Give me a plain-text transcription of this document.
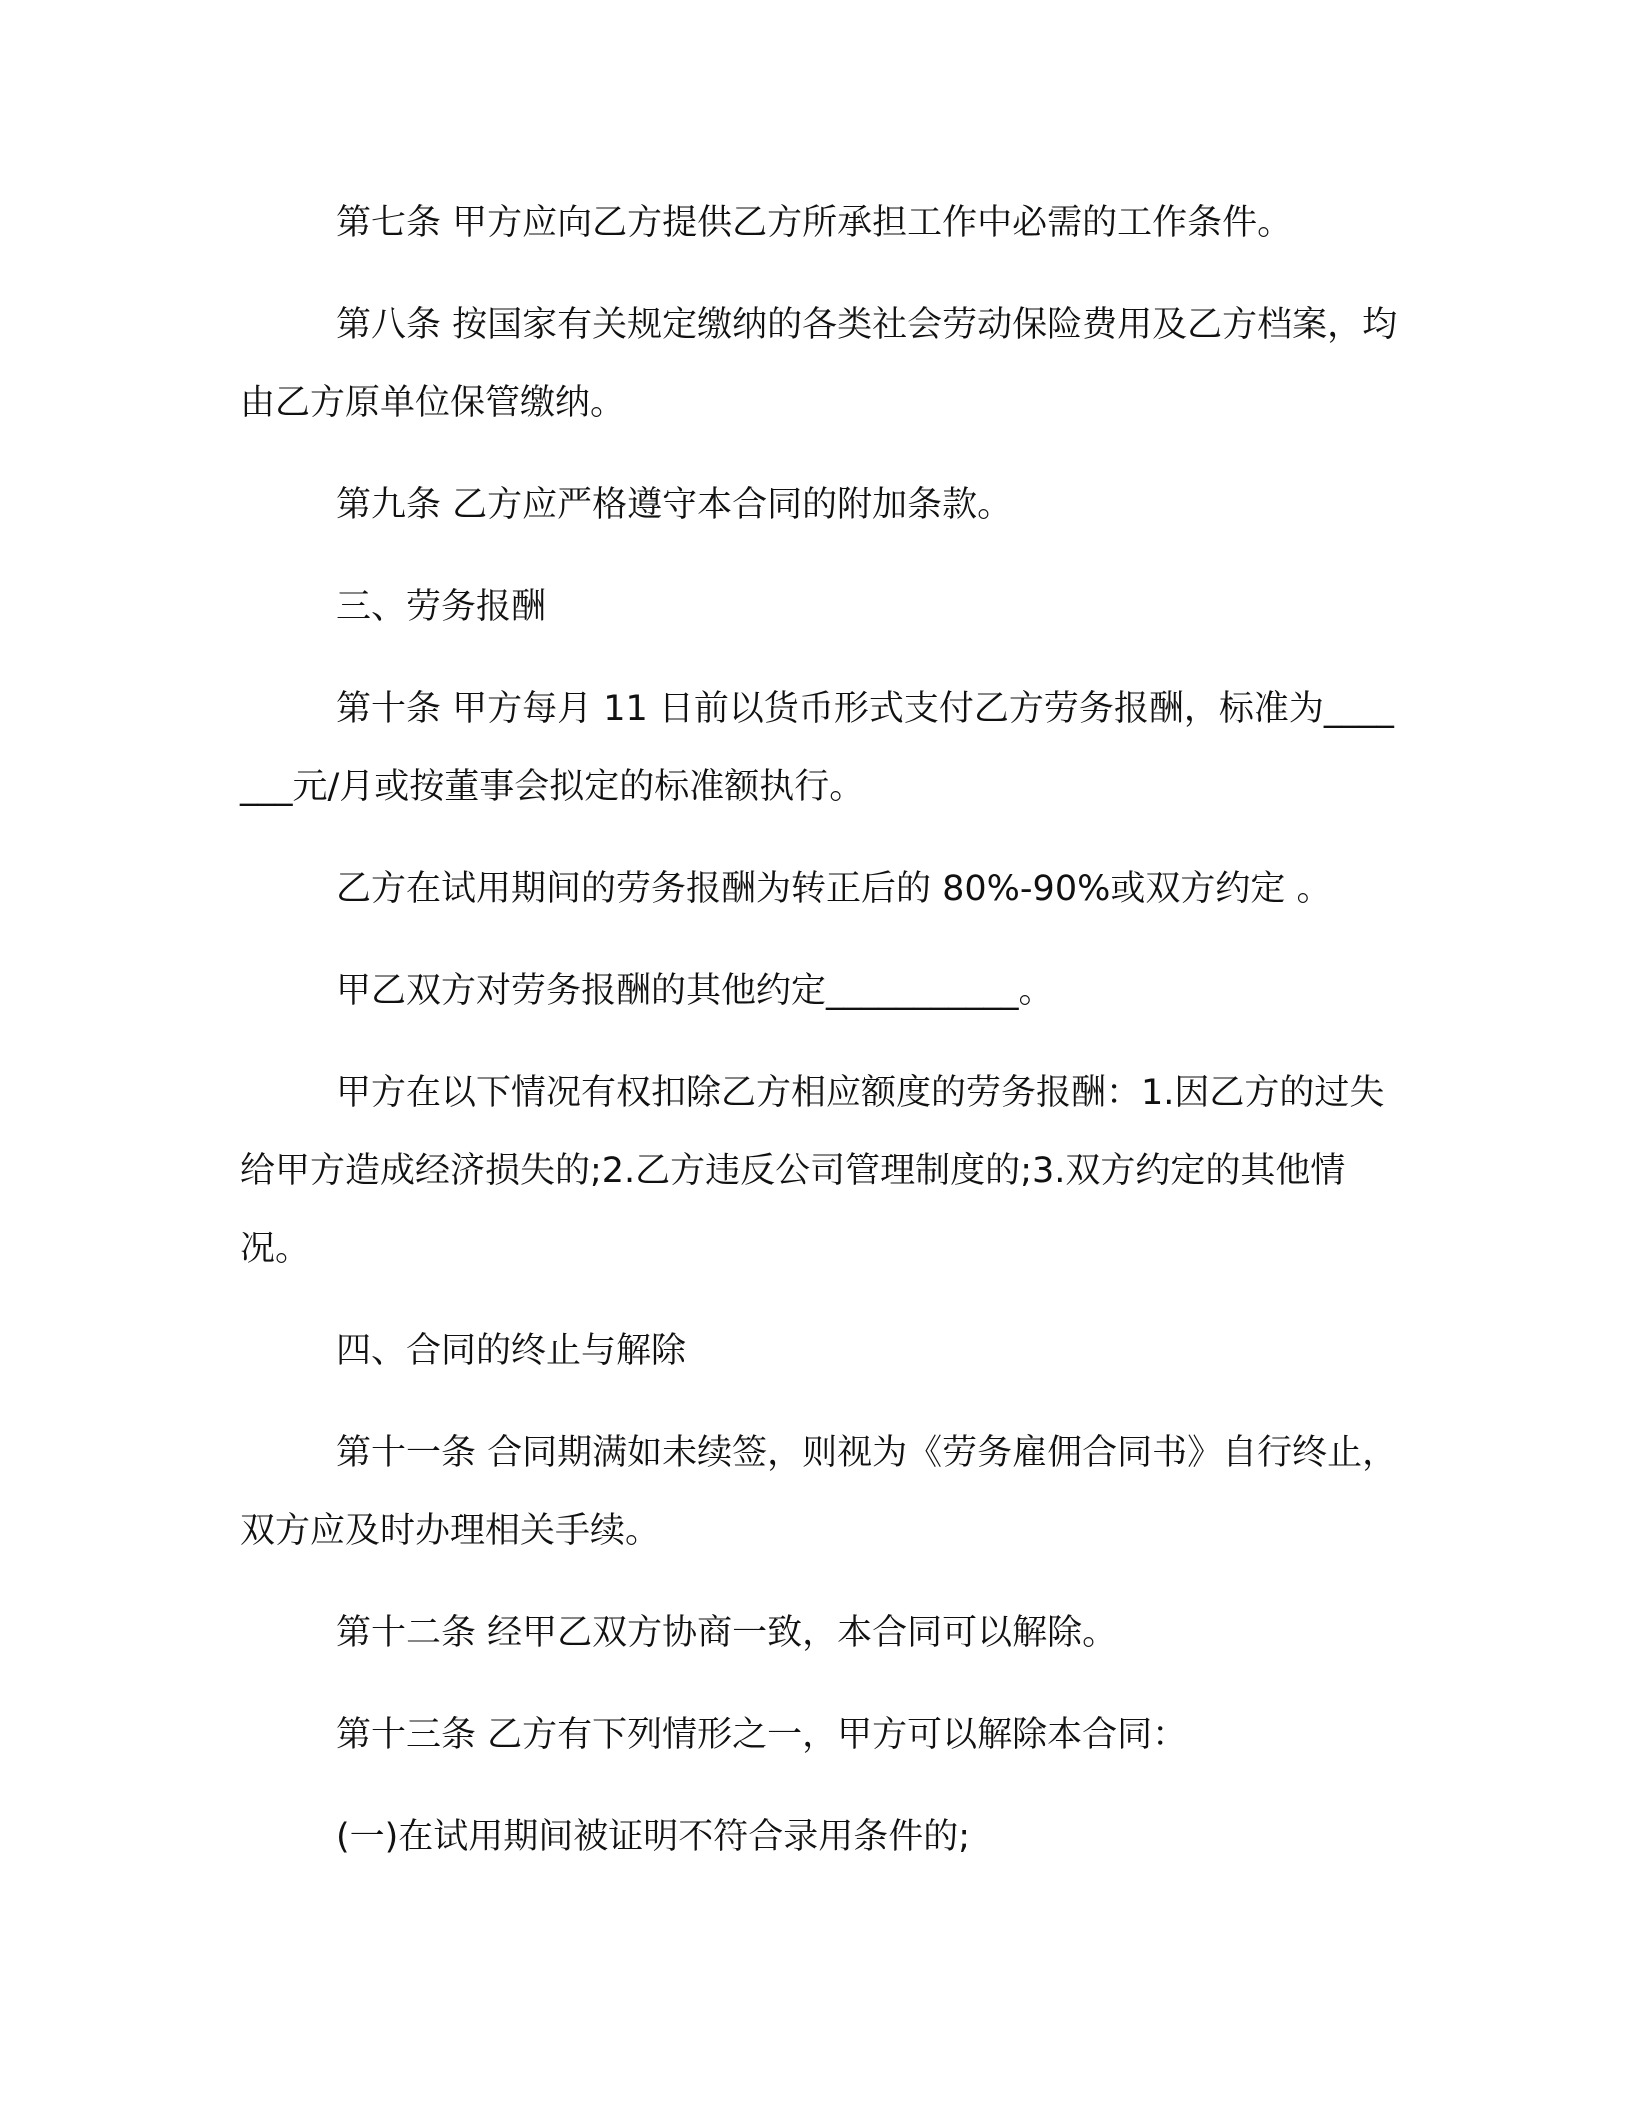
第七条 甲方应向乙方提供乙方所承担工作中必需的工作条件。

第八条 按国家有关规定缴纳的各类社会劳动保险费用及乙方档案，均由乙方原单位保管缴纳。

第九条 乙方应严格遵守本合同的附加条款。

三、劳务报酬

第十条 甲方每月 11 日前以货币形式支付乙方劳务报酬，标准为_______元/月或按董事会拟定的标准额执行。

乙方在试用期间的劳务报酬为转正后的 80%-90%或双方约定 。

甲乙双方对劳务报酬的其他约定___________。

甲方在以下情况有权扣除乙方相应额度的劳务报酬：1.因乙方的过失给甲方造成经济损失的;2.乙方违反公司管理制度的;3.双方约定的其他情况。

四、合同的终止与解除

第十一条 合同期满如未续签，则视为《劳务雇佣合同书》自行终止，双方应及时办理相关手续。

第十二条 经甲乙双方协商一致，本合同可以解除。

第十三条 乙方有下列情形之一，甲方可以解除本合同：

(一)在试用期间被证明不符合录用条件的;
